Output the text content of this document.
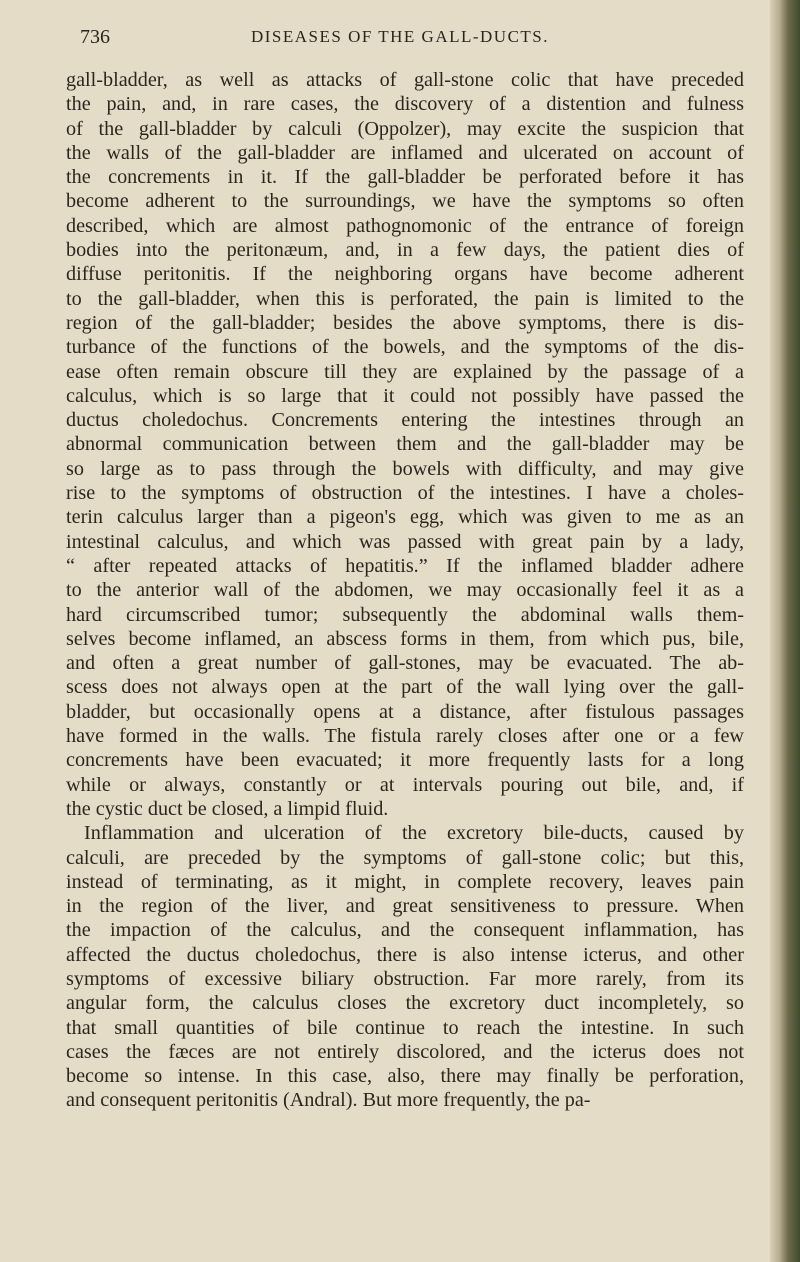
736	DISEASES OF THE GALL-DUCTS.
gall-bladder, as well as attacks of gall-stone colic that have preceded
the pain, and, in rare cases, the discovery of a distention and fulness
of the gall-bladder by calculi (Oppolzer), may excite the suspicion that
the walls of the gall-bladder are inflamed and ulcerated on account of
the concrements in it. If the gall-bladder be perforated before it has
become adherent to the surroundings, we have the symptoms so often
described, which are almost pathognomonic of the entrance of foreign
bodies into the peritonæum, and, in a few days, the patient dies of
diffuse peritonitis. If the neighboring organs have become adherent
to the gall-bladder, when this is perforated, the pain is limited to the
region of the gall-bladder; besides the above symptoms, there is dis-
turbance of the functions of the bowels, and the symptoms of the dis-
ease often remain obscure till they are explained by the passage of a
calculus, which is so large that it could not possibly have passed the
ductus choledochus. Concrements entering the intestines through an
abnormal communication between them and the gall-bladder may be
so large as to pass through the bowels with difficulty, and may give
rise to the symptoms of obstruction of the intestines. I have a choles-
terin calculus larger than a pigeon's egg, which was given to me as an
intestinal calculus, and which was passed with great pain by a lady,
“ after repeated attacks of hepatitis.” If the inflamed bladder adhere
to the anterior wall of the abdomen, we may occasionally feel it as a
hard circumscribed tumor; subsequently the abdominal walls them-
selves become inflamed, an abscess forms in them, from which pus, bile,
and often a great number of gall-stones, may be evacuated. The ab-
scess does not always open at the part of the wall lying over the gall-
bladder, but occasionally opens at a distance, after fistulous passages
have formed in the walls. The fistula rarely closes after one or a few
concrements have been evacuated; it more frequently lasts for a long
while or always, constantly or at intervals pouring out bile, and, if
the cystic duct be closed, a limpid fluid.
Inflammation and ulceration of the excretory bile-ducts, caused by
calculi, are preceded by the symptoms of gall-stone colic; but this,
instead of terminating, as it might, in complete recovery, leaves pain
in the region of the liver, and great sensitiveness to pressure. When
the impaction of the calculus, and the consequent inflammation, has
affected the ductus choledochus, there is also intense icterus, and other
symptoms of excessive biliary obstruction. Far more rarely, from its
angular form, the calculus closes the excretory duct incompletely, so
that small quantities of bile continue to reach the intestine. In such
cases the fæces are not entirely discolored, and the icterus does not
become so intense. In this case, also, there may finally be perforation,
and consequent peritonitis (Andral). But more frequently, the pa-
